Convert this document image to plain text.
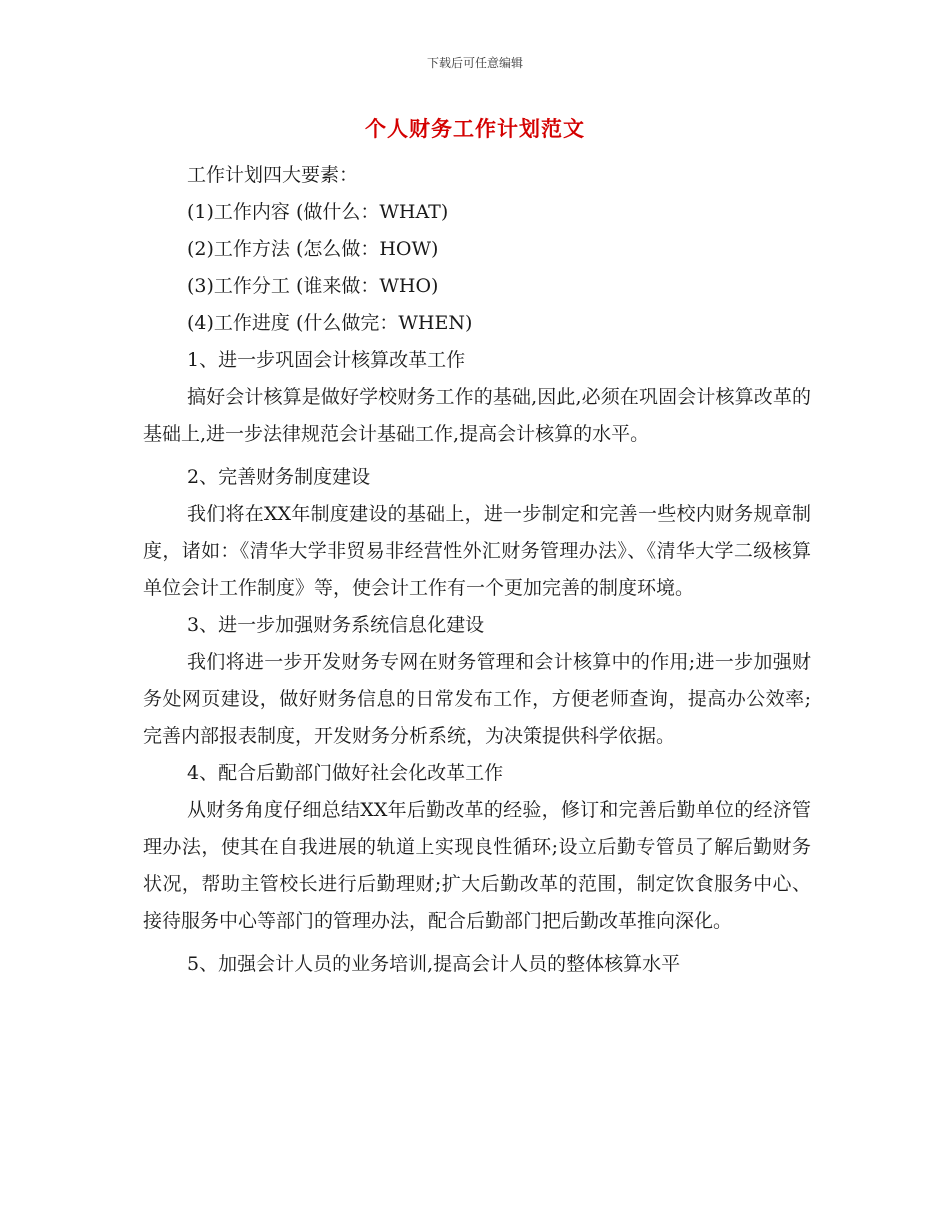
下载后可任意编辑
个人财务工作计划范文

工作计划四大要素：

(1)工作内容 (做什么：WHAT)

(2)工作方法 (怎么做：HOW)

(3)工作分工 (谁来做：WHO)

(4)工作进度 (什么做完：WHEN)

1、进一步巩固会计核算改革工作

搞好会计核算是做好学校财务工作的基础,因此,必须在巩固会计核算改革的基础上,进一步法律规范会计基础工作,提高会计核算的水平。

2、完善财务制度建设

我们将在XX年制度建设的基础上，进一步制定和完善一些校内财务规章制度，诸如：《清华大学非贸易非经营性外汇财务管理办法》、《清华大学二级核算单位会计工作制度》等，使会计工作有一个更加完善的制度环境。

3、进一步加强财务系统信息化建设

我们将进一步开发财务专网在财务管理和会计核算中的作用;进一步加强财务处网页建设，做好财务信息的日常发布工作，方便老师查询，提高办公效率;完善内部报表制度，开发财务分析系统，为决策提供科学依据。

4、配合后勤部门做好社会化改革工作

从财务角度仔细总结XX年后勤改革的经验，修订和完善后勤单位的经济管理办法，使其在自我进展的轨道上实现良性循环;设立后勤专管员了解后勤财务状况，帮助主管校长进行后勤理财;扩大后勤改革的范围，制定饮食服务中心、接待服务中心等部门的管理办法，配合后勤部门把后勤改革推向深化。

5、加强会计人员的业务培训,提高会计人员的整体核算水平
